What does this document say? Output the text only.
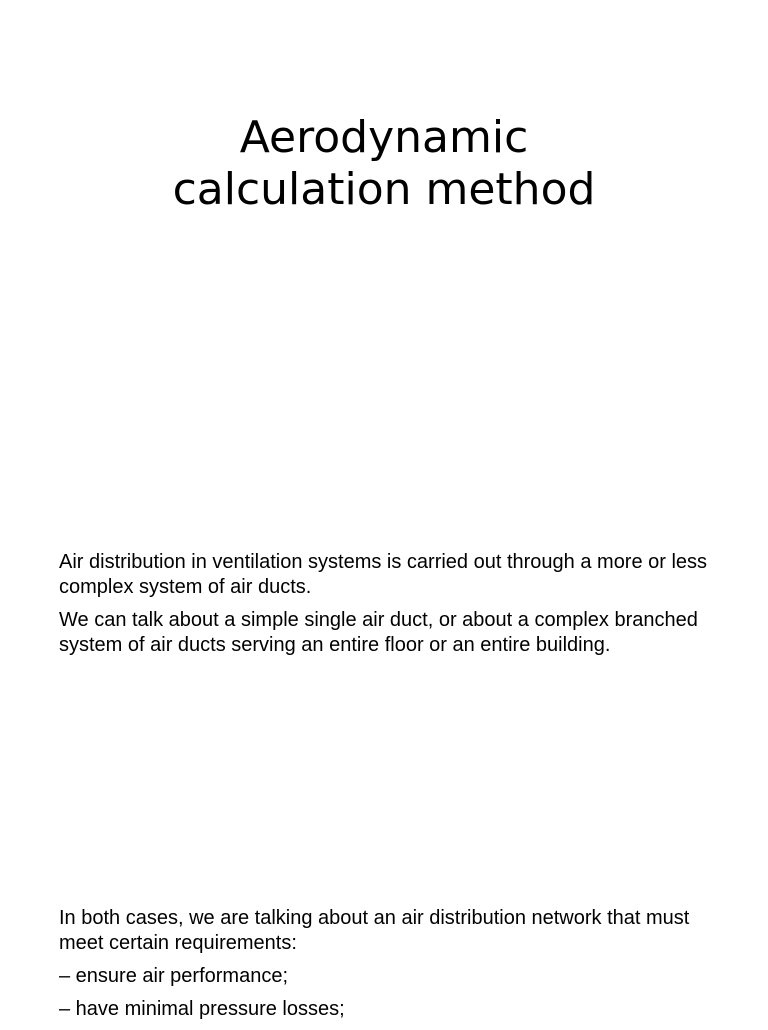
Aerodynamic
calculation method

Air distribution in ventilation systems is carried out through a more or less complex system of air ducts.

We can talk about a simple single air duct, or about a complex branched system of air ducts serving an entire floor or an entire building.

In both cases, we are talking about an air distribution network that must meet certain requirements:

– ensure air performance;

– have minimal pressure losses;
